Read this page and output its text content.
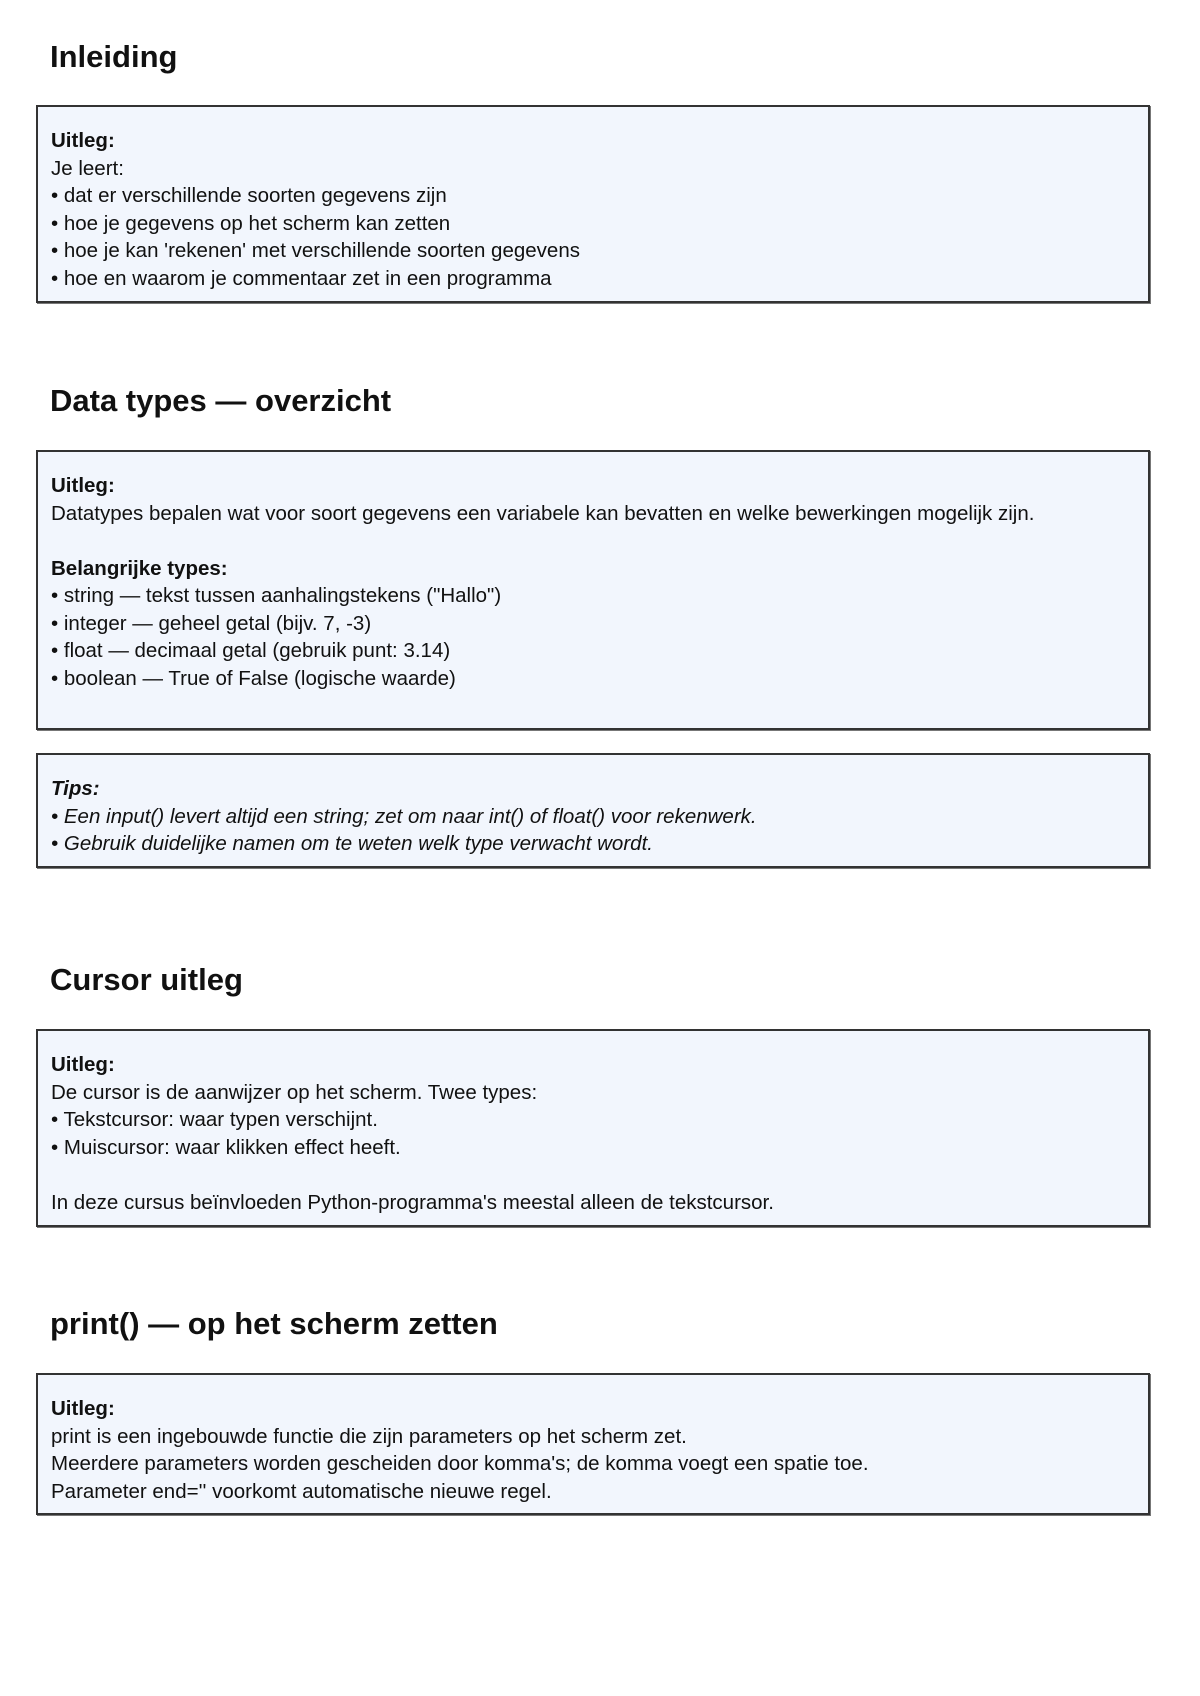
Inleiding

Uitleg:

Je leert:

• dat er verschillende soorten gegevens zijn

• hoe je gegevens op het scherm kan zetten

• hoe je kan 'rekenen' met verschillende soorten gegevens

• hoe en waarom je commentaar zet in een programma

Data types — overzicht

Uitleg:

Datatypes bepalen wat voor soort gegevens een variabele kan bevatten en welke bewerkingen mogelijk zijn.

Belangrijke types:

• string — tekst tussen aanhalingstekens ("Hallo")

• integer — geheel getal (bijv. 7, -3)

• float — decimaal getal (gebruik punt: 3.14)

• boolean — True of False (logische waarde)

Tips:

• Een input() levert altijd een string; zet om naar int() of float() voor rekenwerk.

• Gebruik duidelijke namen om te weten welk type verwacht wordt.

Cursor uitleg

Uitleg:

De cursor is de aanwijzer op het scherm. Twee types:

• Tekstcursor: waar typen verschijnt.

• Muiscursor: waar klikken effect heeft.

In deze cursus beïnvloeden Python-programma's meestal alleen de tekstcursor.

print() — op het scherm zetten

Uitleg:

print is een ingebouwde functie die zijn parameters op het scherm zet.

Meerdere parameters worden gescheiden door komma's; de komma voegt een spatie toe.

Parameter end='' voorkomt automatische nieuwe regel.
